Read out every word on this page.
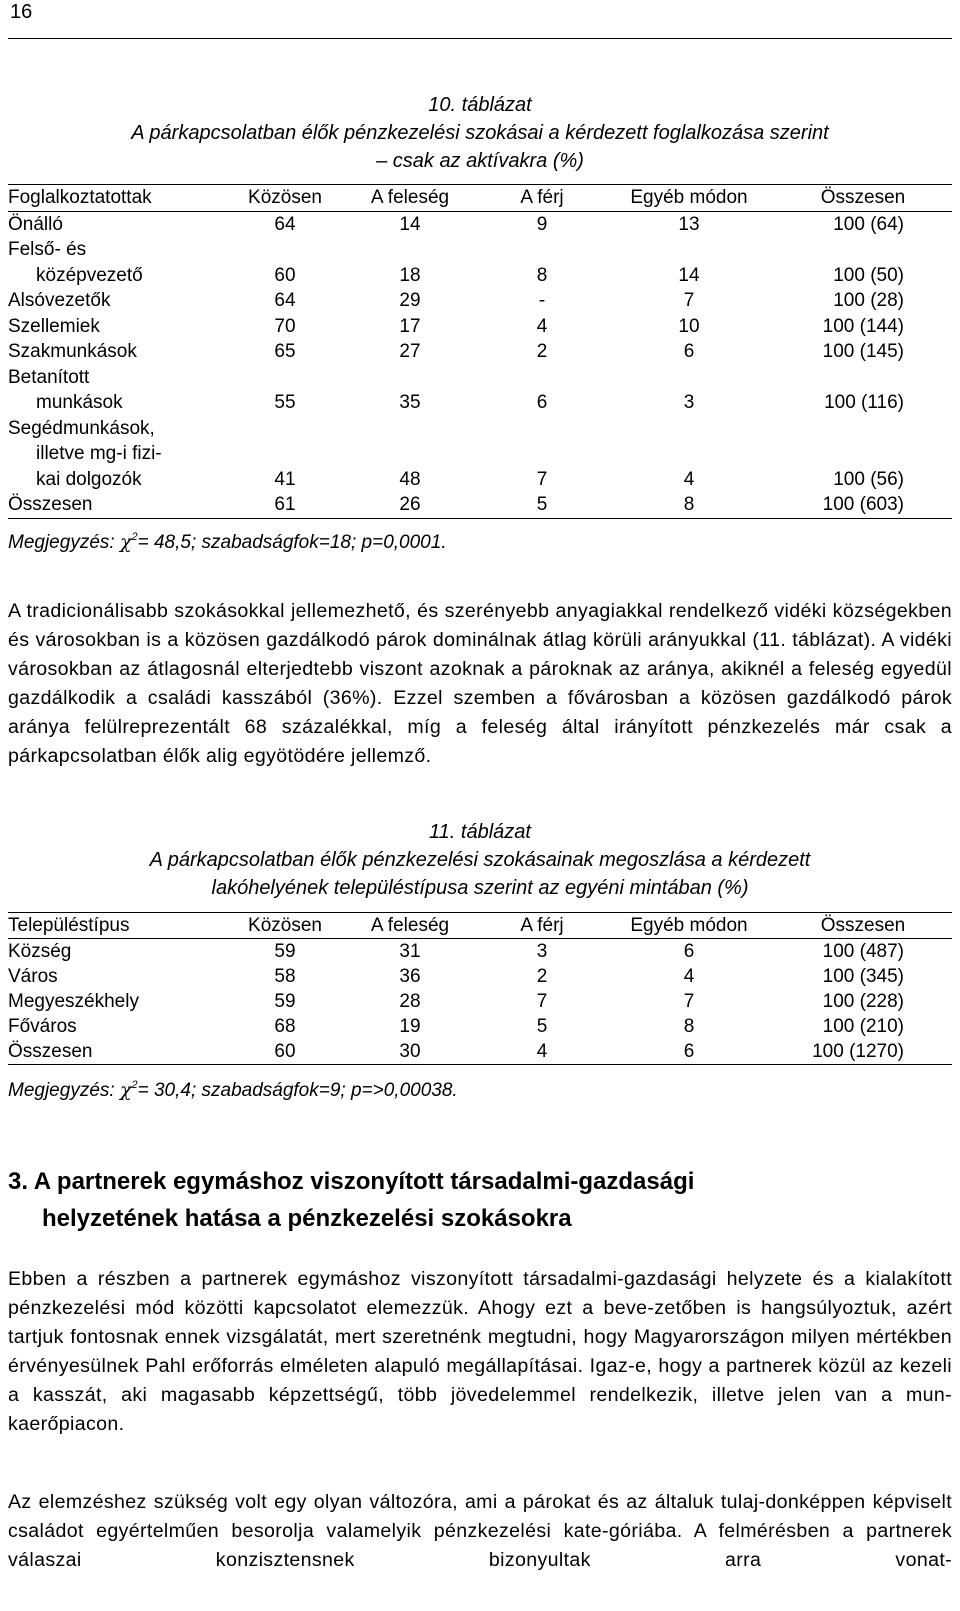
16
10. táblázat
A párkapcsolatban élők pénzkezelési szokásai a kérdezett foglalkozása szerint
– csak az aktívakra (%)
Foglalkoztatottak	Közösen	A feleség	A férj	Egyéb módon	Összesen

Önálló	64	14	9	13	100 (64)

Felső- és
középvezető	60	18	8	14	100 (50)

Alsóvezetők	64	29	-	7	100 (28)

Szellemiek	70	17	4	10	100 (144)

Szakmunkások	65	27	2	6	100 (145)

Betanított
munkások	55	35	6	3	100 (116)

Segédmunkások,
illetve mg-i fizi-
kai dolgozók	41	48	7	4	100 (56)

Összesen	61	26	5	8	100 (603)
Megjegyzés: $\chi^2= 48,5$; szabadságfok=18; p=0,0001.
A tradicionálisabb szokásokkal jellemezhető, és szerényebb anyagiakkal rendelkező vidéki községekben és városokban is a közösen gazdálkodó párok dominálnak átlag körüli arányukkal (11. táblázat). A vidéki városokban az átlagosnál elterjedtebb viszont azoknak a pároknak az aránya, akiknél a feleség egyedül gazdálkodik a családi kasszából (36%). Ezzel szemben a fővárosban a közösen gazdálkodó párok aránya felülreprezentált 68 százalékkal, míg a feleség által irányított pénzkezelés már csak a párkapcsolatban élők alig egyötödére jellemző.
11. táblázat
A párkapcsolatban élők pénzkezelési szokásainak megoszlása a kérdezett
lakóhelyének településtípusa szerint az egyéni mintában (%)
Településtípus	Közösen	A feleség	A férj	Egyéb módon	Összesen

Község	59	31	3	6	100 (487)

Város	58	36	2	4	100 (345)

Megyeszékhely	59	28	7	7	100 (228)

Főváros	68	19	5	8	100 (210)

Összesen	60	30	4	6	100 (1270)
Megjegyzés: $\chi^2= 30,4$; szabadságfok=9; p=>0,00038.
3. A partnerek egymáshoz viszonyított társadalmi-gazdasági
helyzetének hatása a pénzkezelési szokásokra
Ebben a részben a partnerek egymáshoz viszonyított társadalmi-gazdasági helyzete és a kialakított pénzkezelési mód közötti kapcsolatot elemezzük. Ahogy ezt a beve-zetőben is hangsúlyoztuk, azért tartjuk fontosnak ennek vizsgálatát, mert szeretnénk megtudni, hogy Magyarországon milyen mértékben érvényesülnek Pahl erőforrás elméleten alapuló megállapításai. Igaz-e, hogy a partnerek közül az kezeli a kasszát, aki magasabb képzettségű, több jövedelemmel rendelkezik, illetve jelen van a mun-kaerőpiacon.
Az elemzéshez szükség volt egy olyan változóra, ami a párokat és az általuk tulaj-donképpen képviselt családot egyértelműen besorolja valamelyik pénzkezelési kate-góriába. A felmérésben a partnerek válaszai konzisztensnek bizonyultak arra vonat-
